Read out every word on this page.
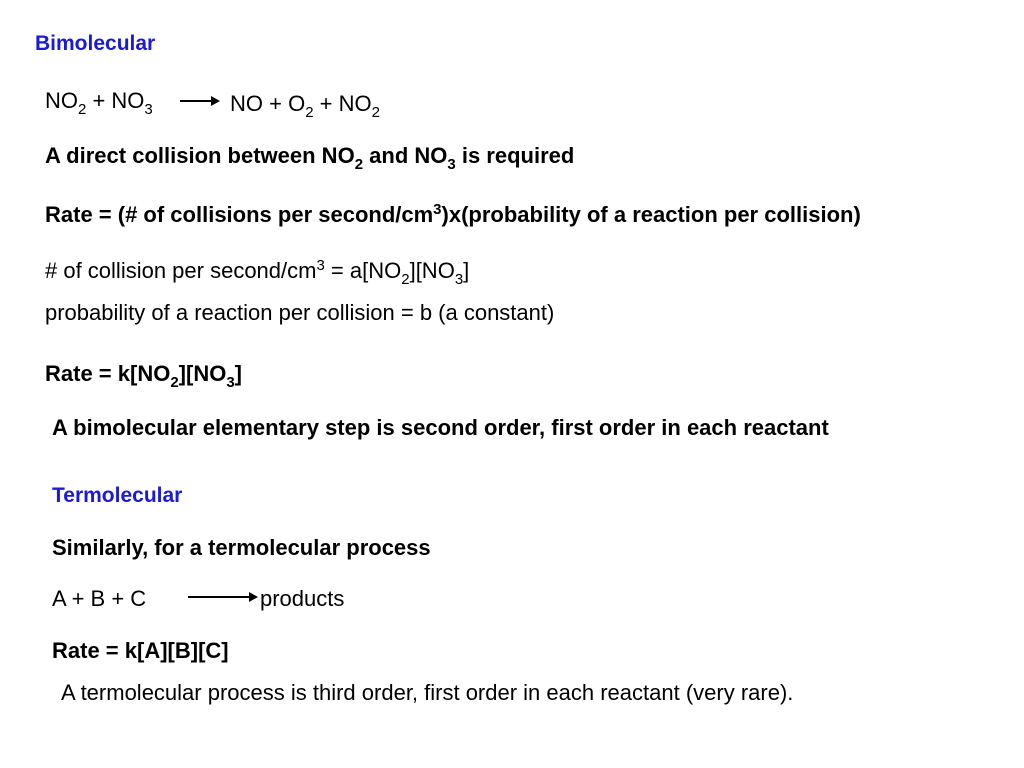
Bimolecular
$NO_2 + NO_3$ → NO + $O_2 + NO_2$
A direct collision between $NO_2$ and $NO_3$ is required
Rate = (# of collisions per second/$cm^3)x(probability$ of a reaction per collision)
# of collision per second/$cm^3 = a[NO_2][NO_3]$
probability of a reaction per collision = b (a constant)
Rate = $k[NO_2][NO_3]$
A bimolecular elementary step is second order, first order in each reactant
Termolecular
Similarly, for a termolecular process
A + B + C	products
Rate = k[A][B][C]
A termolecular process is third order, first order in each reactant (very rare).
